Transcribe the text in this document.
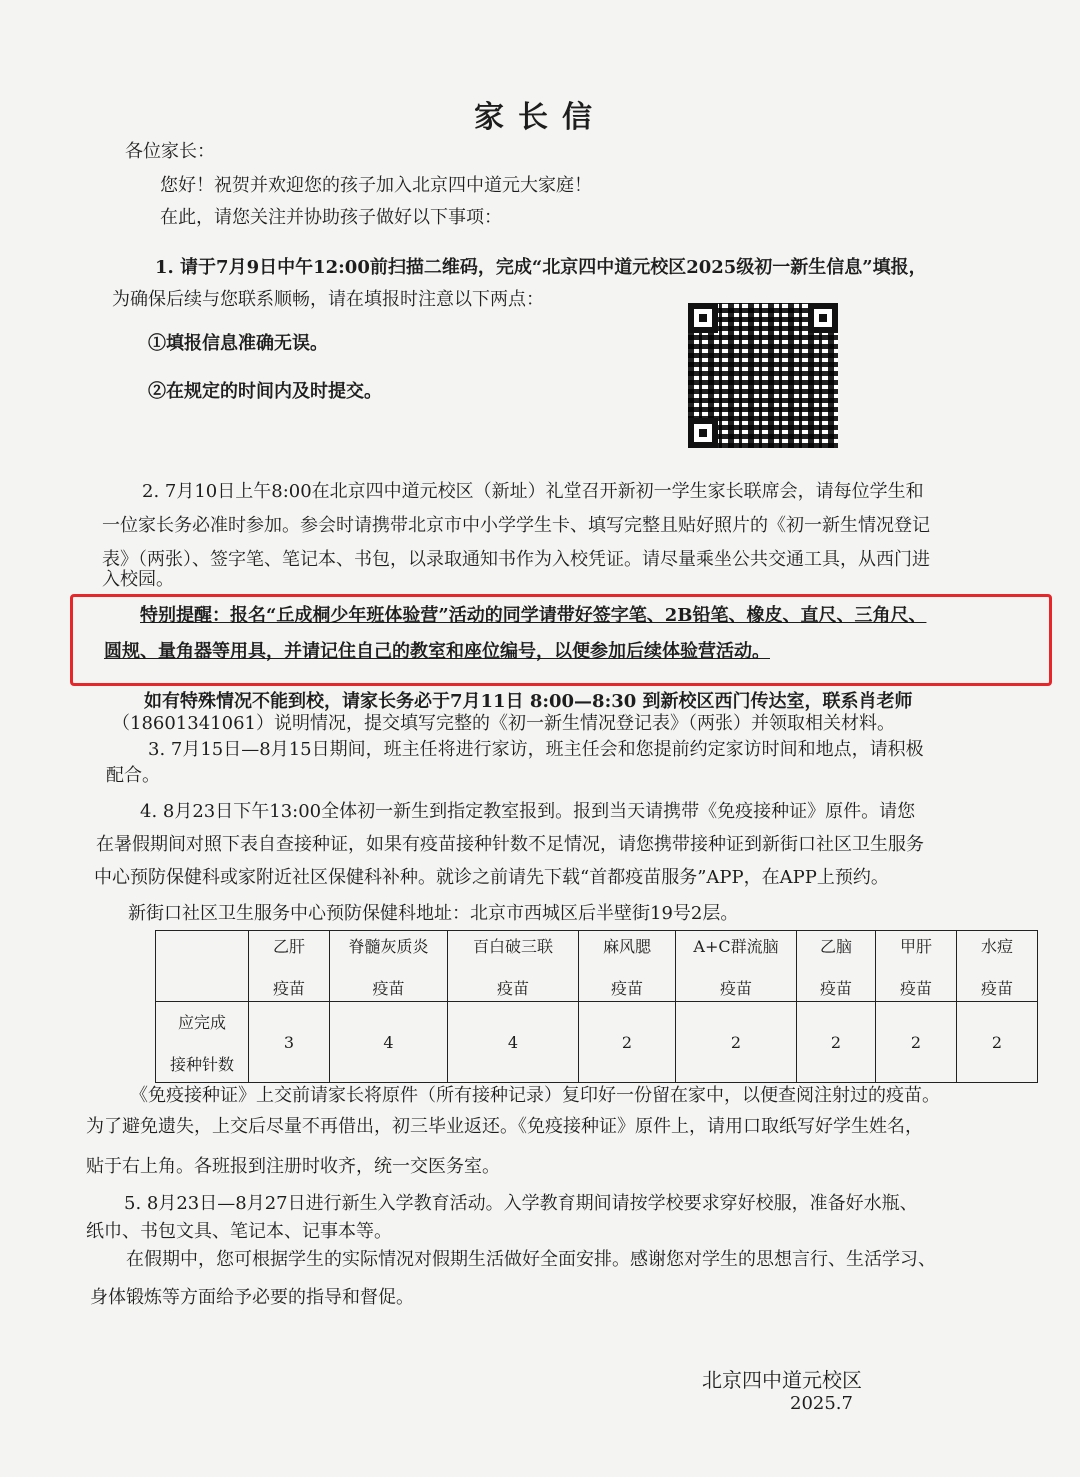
家长信
各位家长：
您好！祝贺并欢迎您的孩子加入北京四中道元大家庭！
在此，请您关注并协助孩子做好以下事项：
1. 请于7月9日中午12:00前扫描二维码，完成“北京四中道元校区2025级初一新生信息”填报，
为确保后续与您联系顺畅，请在填报时注意以下两点：
①填报信息准确无误。
②在规定的时间内及时提交。
2. 7月10日上午8:00在北京四中道元校区（新址）礼堂召开新初一学生家长联席会，请每位学生和
一位家长务必准时参加。参会时请携带北京市中小学学生卡、填写完整且贴好照片的《初一新生情况登记
表》（两张）、签字笔、笔记本、书包，以录取通知书作为入校凭证。请尽量乘坐公共交通工具，从西门进
入校园。
特别提醒：报名“丘成桐少年班体验营”活动的同学请带好签字笔、2B铅笔、橡皮、直尺、三角尺、
圆规、量角器等用具，并请记住自己的教室和座位编号，以便参加后续体验营活动。
如有特殊情况不能到校，请家长务必于7月11日 8:00—8:30 到新校区西门传达室，联系肖老师
（18601341061）说明情况，提交填写完整的《初一新生情况登记表》（两张）并领取相关材料。
3. 7月15日—8月15日期间，班主任将进行家访，班主任会和您提前约定家访时间和地点，请积极
配合。
4. 8月23日下午13:00全体初一新生到指定教室报到。报到当天请携带《免疫接种证》原件。请您
在暑假期间对照下表自查接种证，如果有疫苗接种针数不足情况，请您携带接种证到新街口社区卫生服务
中心预防保健科或家附近社区保健科补种。就诊之前请先下载“首都疫苗服务”APP，在APP上预约。
新街口社区卫生服务中心预防保健科地址：北京市西城区后半壁街19号2层。
	乙肝

疫苗	脊髓灰质炎

疫苗	百白破三联

疫苗	麻风腮

疫苗	A+C群流脑

疫苗	乙脑

疫苗	甲肝

疫苗	水痘

疫苗
应完成

接种针数	3	4	4	2	2	2	2	2
《免疫接种证》上交前请家长将原件（所有接种记录）复印好一份留在家中，以便查阅注射过的疫苗。
为了避免遗失，上交后尽量不再借出，初三毕业返还。《免疫接种证》原件上，请用口取纸写好学生姓名，
贴于右上角。各班报到注册时收齐，统一交医务室。
5. 8月23日—8月27日进行新生入学教育活动。入学教育期间请按学校要求穿好校服，准备好水瓶、
纸巾、书包文具、笔记本、记事本等。
在假期中，您可根据学生的实际情况对假期生活做好全面安排。感谢您对学生的思想言行、生活学习、
身体锻炼等方面给予必要的指导和督促。
北京四中道元校区
2025.7
